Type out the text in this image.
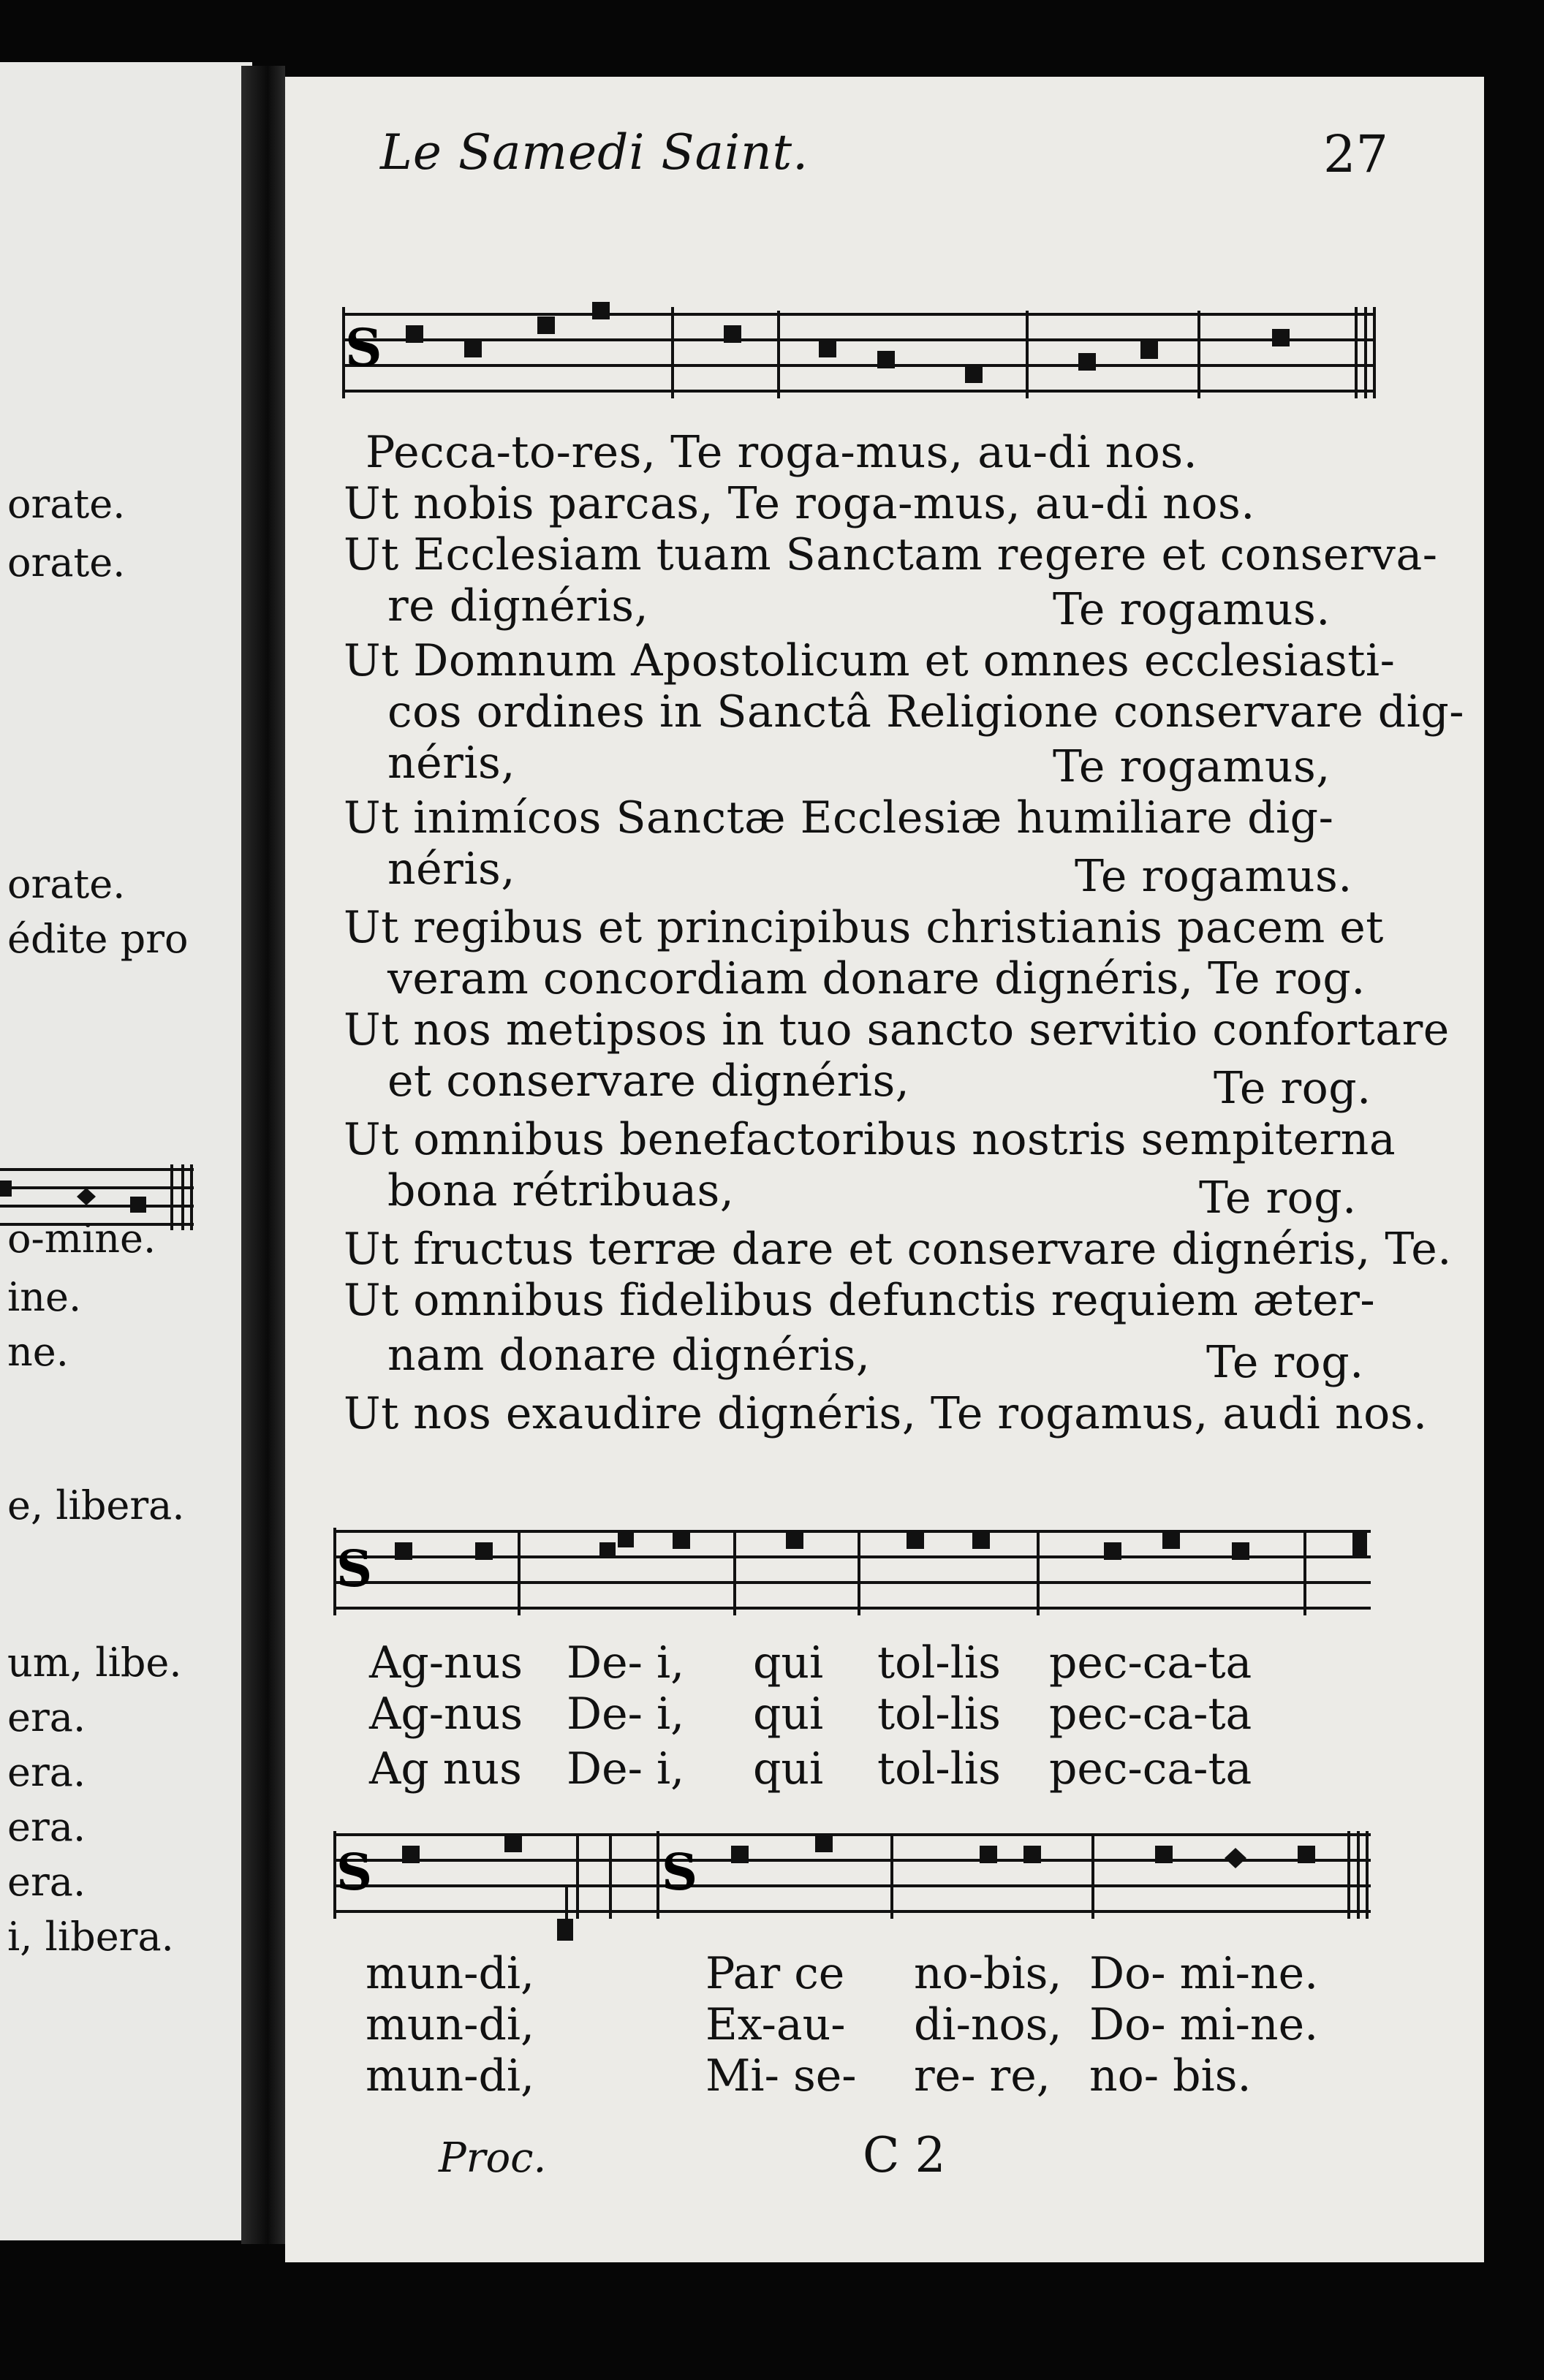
orate.
orate.
orate.
édite pro
o-mine.
ine.
ne.
e, libera.
um, libe.
era.
era.
era.
era.
i, libera.
Le Samedi Saint.	27
S
Pecca-to-res, Te roga-mus, au-di nos.
Ut nobis parcas, Te roga-mus, au-di nos.
Ut Ecclesiam tuam Sanctam regere et conserva-
re dignéris,	Te rogamus.
Ut Domnum Apostolicum et omnes ecclesiasti-
cos ordines in Sanctâ Religione conservare dig-
néris,	Te rogamus,
Ut inimícos Sanctæ Ecclesiæ humiliare dig-
néris,	Te rogamus.
Ut regibus et principibus christianis pacem et
veram concordiam donare dignéris, Te rog.
Ut nos metipsos in tuo sancto servitio confortare
et conservare dignéris,	Te rog.
Ut omnibus benefactoribus nostris sempiterna
bona rétribuas,	Te rog.
Ut fructus terræ dare et conservare dignéris, Te.
Ut omnibus fidelibus defunctis requiem æter-
nam donare dignéris,	Te rog.
Ut nos exaudire dignéris, Te rogamus, audi nos.
S
Ag-nus De- i, qui tol-lis pec-ca-ta
Ag-nus De- i, qui tol-lis pec-ca-ta
Ag nus De- i, qui tol-lis pec-ca-ta
S	S
mun-di,	Par ce no-bis, Do- mi-ne.
mun-di,	Ex-au- di-nos, Do- mi-ne.
mun-di,	Mi- se- re- re, no- bis.
Proc.	C 2
